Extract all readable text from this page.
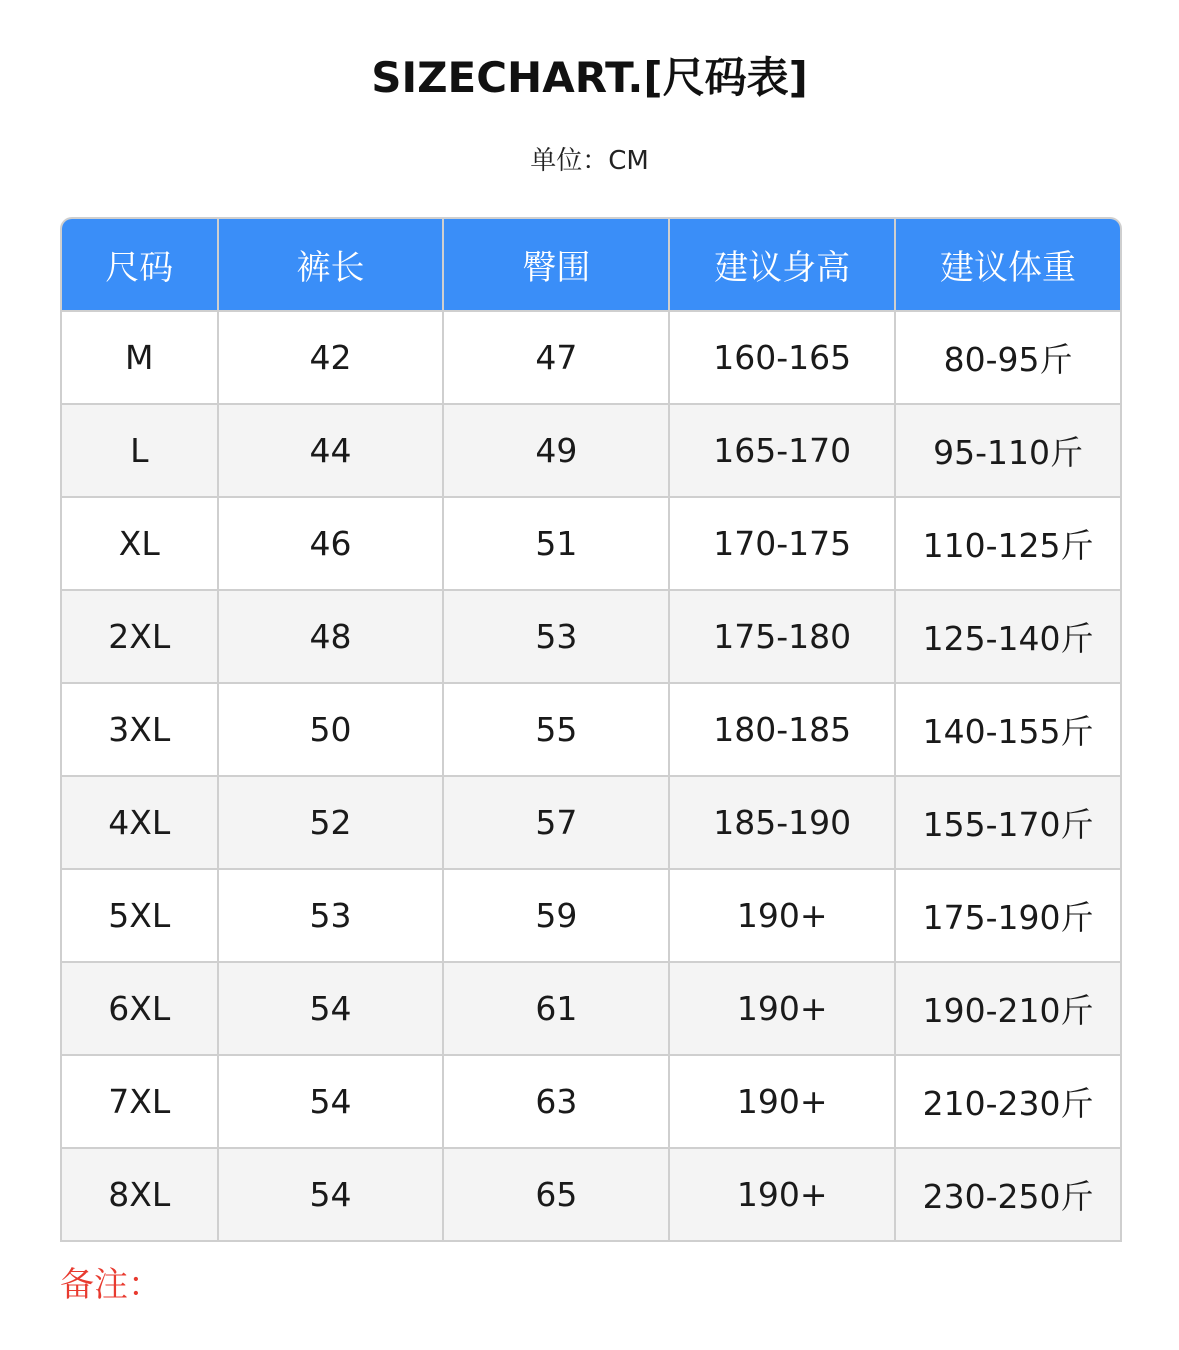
SIZECHART.[尺码表]
单位：CM
尺码	裤长	臀围	建议身高	建议体重
M	42	47	160-165	80-95斤
L	44	49	165-170	95-110斤
XL	46	51	170-175	110-125斤
2XL	48	53	175-180	125-140斤
3XL	50	55	180-185	140-155斤
4XL	52	57	185-190	155-170斤
5XL	53	59	190+	175-190斤
6XL	54	61	190+	190-210斤
7XL	54	63	190+	210-230斤
8XL	54	65	190+	230-250斤
备注：
